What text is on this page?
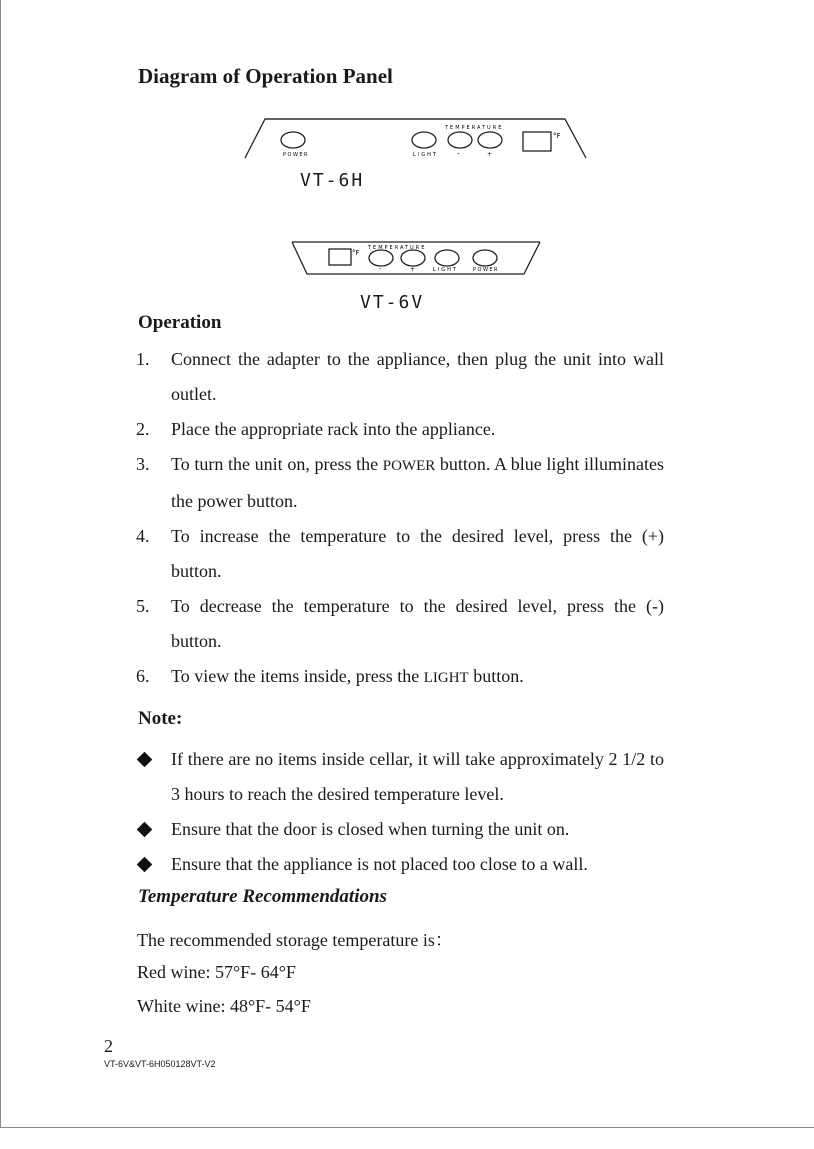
Diagram of Operation Panel
POWER
TEMPERATURE
LIGHT	-	+
°F
VT-6H
TEMPERATURE
°F
-	+	LIGHT	POWER
VT-6V
Operation
1. Connect the adapter to the appliance, then plug the unit into wall outlet.
2. Place the appropriate rack into the appliance.
3. To turn the unit on, press the POWER button. A blue light illuminates the power button.
4. To increase the temperature to the desired level, press the (+) button.
5. To decrease the temperature to the desired level, press the (-) button.
6. To view the items inside, press the LIGHT button.
Note:
If there are no items inside cellar, it will take approximately 2 1/2 to 3 hours to reach the desired temperature level.
Ensure that the door is closed when turning the unit on.
Ensure that the appliance is not placed too close to a wall.
Temperature Recommendations

The recommended storage temperature is：

Red wine: 57°F- 64°F

White wine: 48°F- 54°F

2
VT-6V&VT-6H050128VT-V2
